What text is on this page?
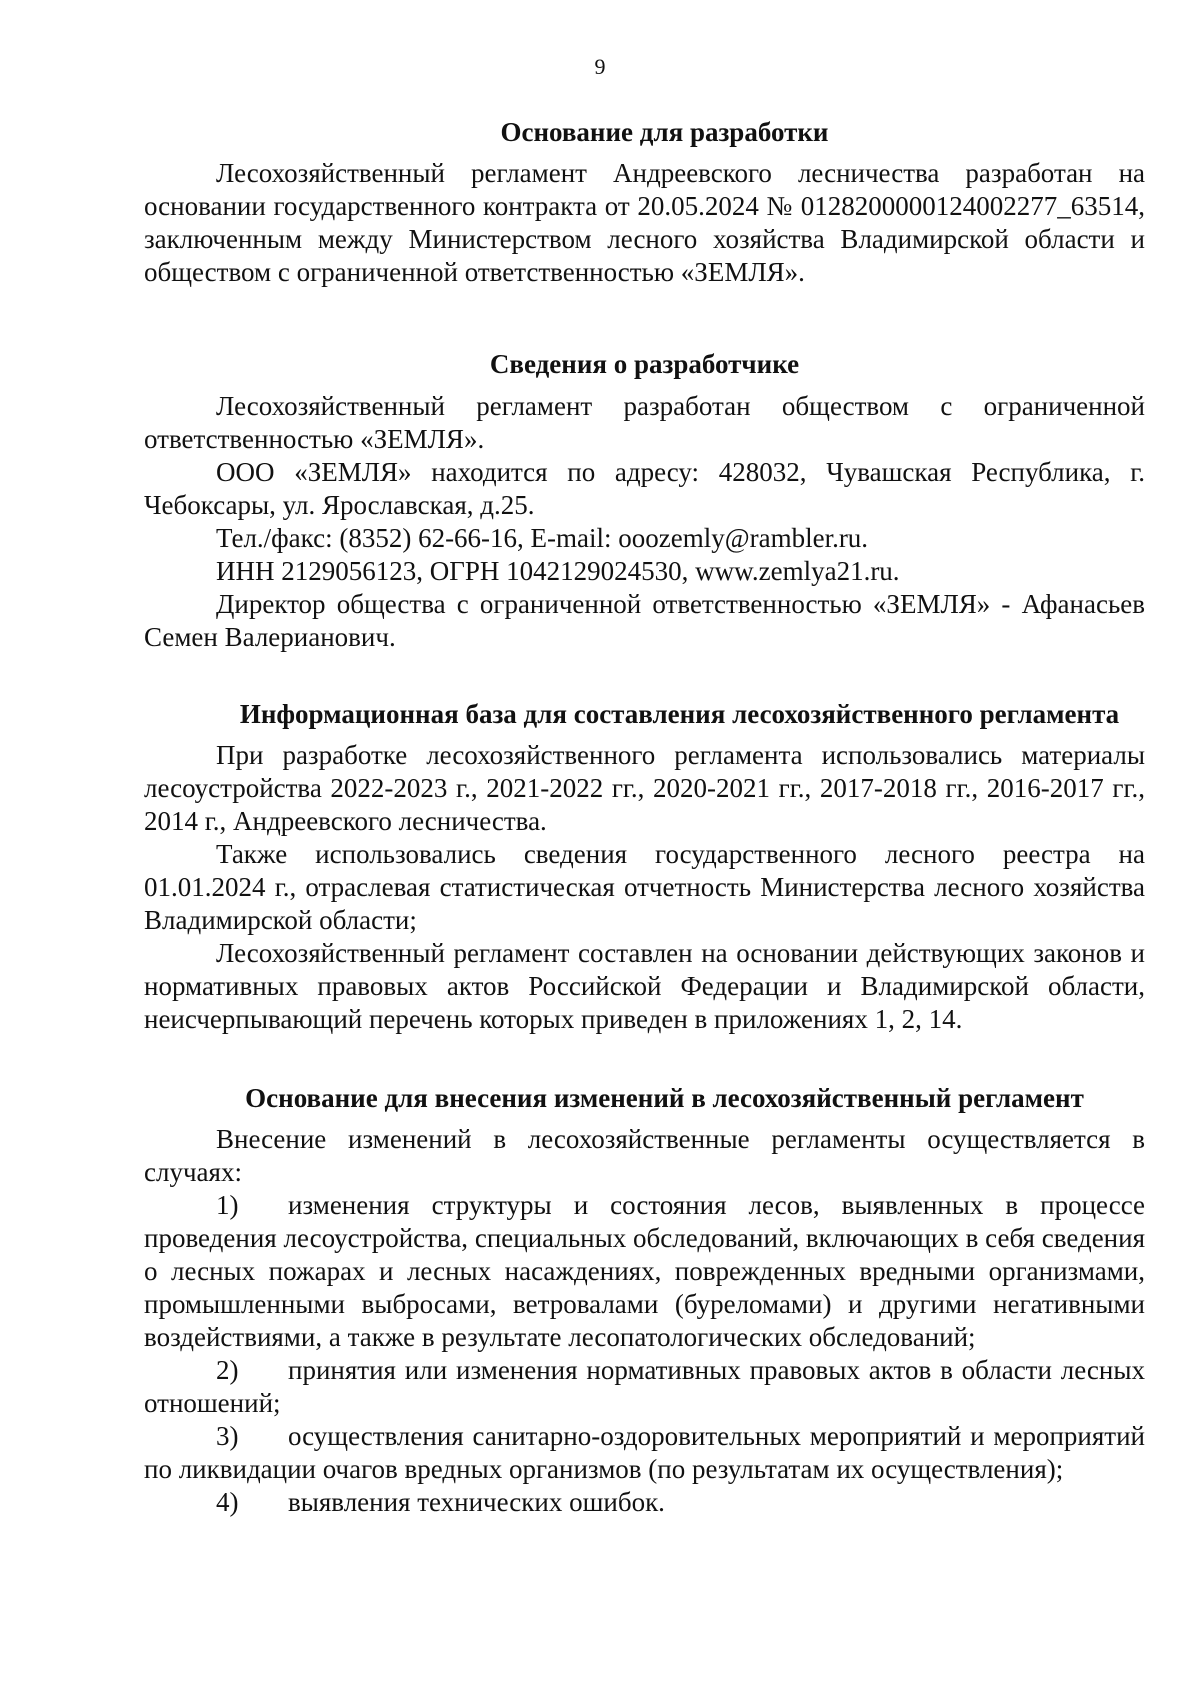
9

Основание для разработки

Лесохозяйственный регламент Андреевского лесничества разработан на основании государственного контракта от 20.05.2024 № 0128200000124002277_63514, заключенным между Министерством лесного хозяйства Владимирской области и обществом с ограниченной ответственностью «ЗЕМЛЯ».

Сведения о разработчике

Лесохозяйственный регламент разработан обществом с ограниченной ответственностью «ЗЕМЛЯ».

ООО «ЗЕМЛЯ» находится по адресу: 428032, Чувашская Республика, г. Чебоксары, ул. Ярославская, д.25.

Тел./факс: (8352) 62-66-16, E-mail: ooozemly@rambler.ru.

ИНН 2129056123, ОГРН 1042129024530, www.zemlya21.ru.

Директор общества с ограниченной ответственностью «ЗЕМЛЯ» - Афанасьев Семен Валерианович.

Информационная база для составления лесохозяйственного регламента

При разработке лесохозяйственного регламента использовались материалы лесоустройства 2022-2023 г., 2021-2022 гг., 2020-2021 гг., 2017-2018 гг., 2016-2017 гг., 2014 г., Андреевского лесничества.

Также использовались сведения государственного лесного реестра на 01.01.2024 г., отраслевая статистическая отчетность Министерства лесного хозяйства Владимирской области;

Лесохозяйственный регламент составлен на основании действующих законов и нормативных правовых актов Российской Федерации и Владимирской области, неисчерпывающий перечень которых приведен в приложениях 1, 2, 14.

Основание для внесения изменений в лесохозяйственный регламент

Внесение изменений в лесохозяйственные регламенты осуществляется в случаях:

1) изменения структуры и состояния лесов, выявленных в процессе проведения лесоустройства, специальных обследований, включающих в себя сведения о лесных пожарах и лесных насаждениях, поврежденных вредными организмами, промышленными выбросами, ветровалами (буреломами) и другими негативными воздействиями, а также в результате лесопатологических обследований;

2) принятия или изменения нормативных правовых актов в области лесных отношений;

3) осуществления санитарно-оздоровительных мероприятий и мероприятий по ликвидации очагов вредных организмов (по результатам их осуществления);

4) выявления технических ошибок.
